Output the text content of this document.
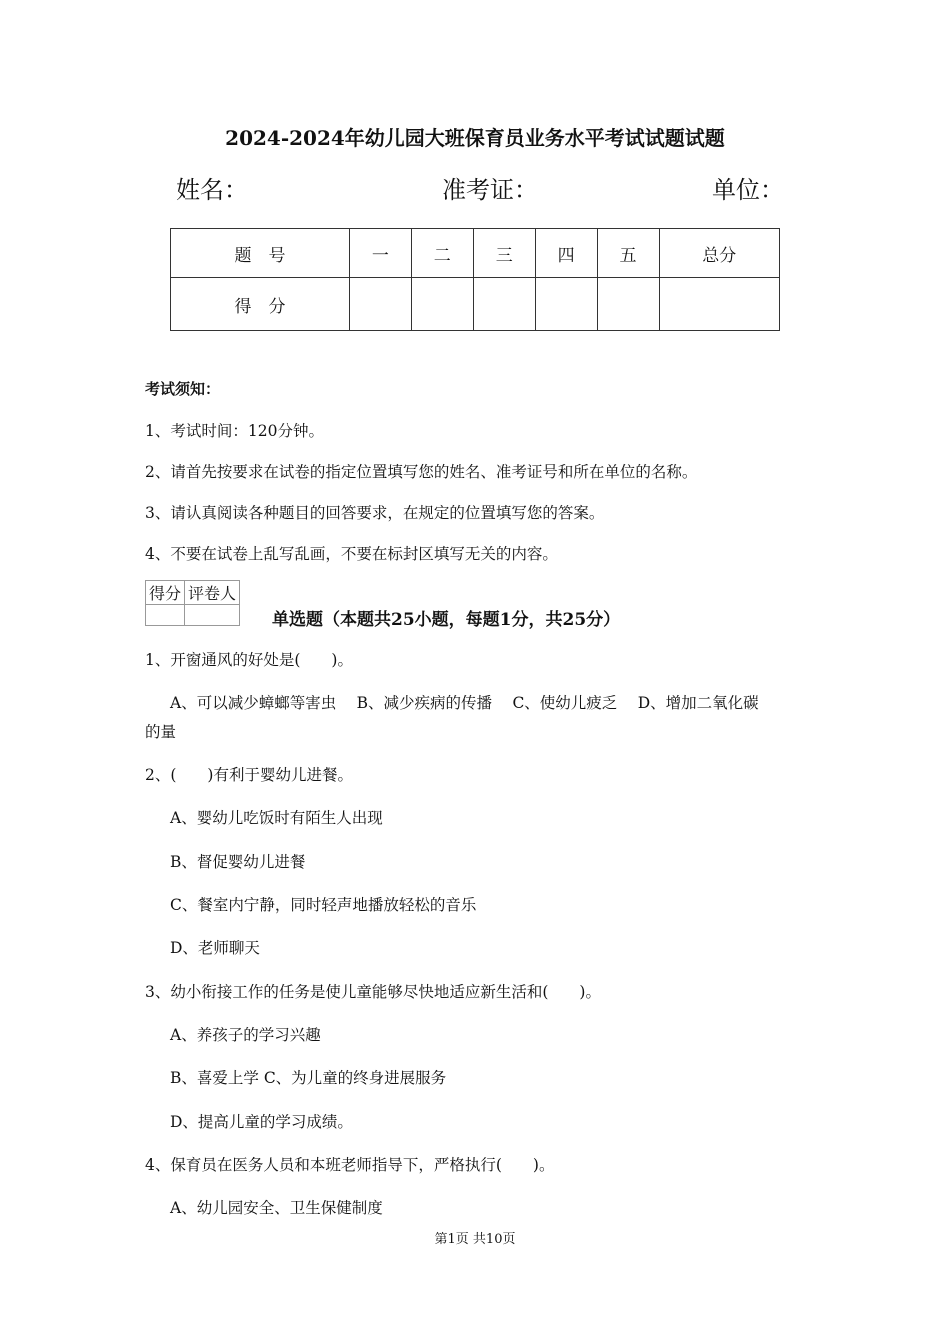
2024-2024年幼儿园大班保育员业务水平考试试题试题
姓名：	准考证：	单位：
题　号	一	二	三	四	五	总分
得　分						
考试须知：
1、考试时间：120分钟。
2、请首先按要求在试卷的指定位置填写您的姓名、准考证号和所在单位的名称。
3、请认真阅读各种题目的回答要求，在规定的位置填写您的答案。
4、不要在试卷上乱写乱画，不要在标封区填写无关的内容。
得分	评卷人

单选题（本题共25小题，每题1分，共25分）
1、开窗通风的好处是(　　)。
A、可以减少蟑螂等害虫　 B、减少疾病的传播　 C、使幼儿疲乏　 D、增加二氧化碳
的量
2、(　　)有利于婴幼儿进餐。
A、婴幼儿吃饭时有陌生人出现
B、督促婴幼儿进餐
C、餐室内宁静，同时轻声地播放轻松的音乐
D、老师聊天
3、幼小衔接工作的任务是使儿童能够尽快地适应新生活和(　　)。
A、养孩子的学习兴趣
B、喜爱上学 C、为儿童的终身进展服务
D、提高儿童的学习成绩。
4、保育员在医务人员和本班老师指导下，严格执行(　　)。
A、幼儿园安全、卫生保健制度
第1页 共10页
